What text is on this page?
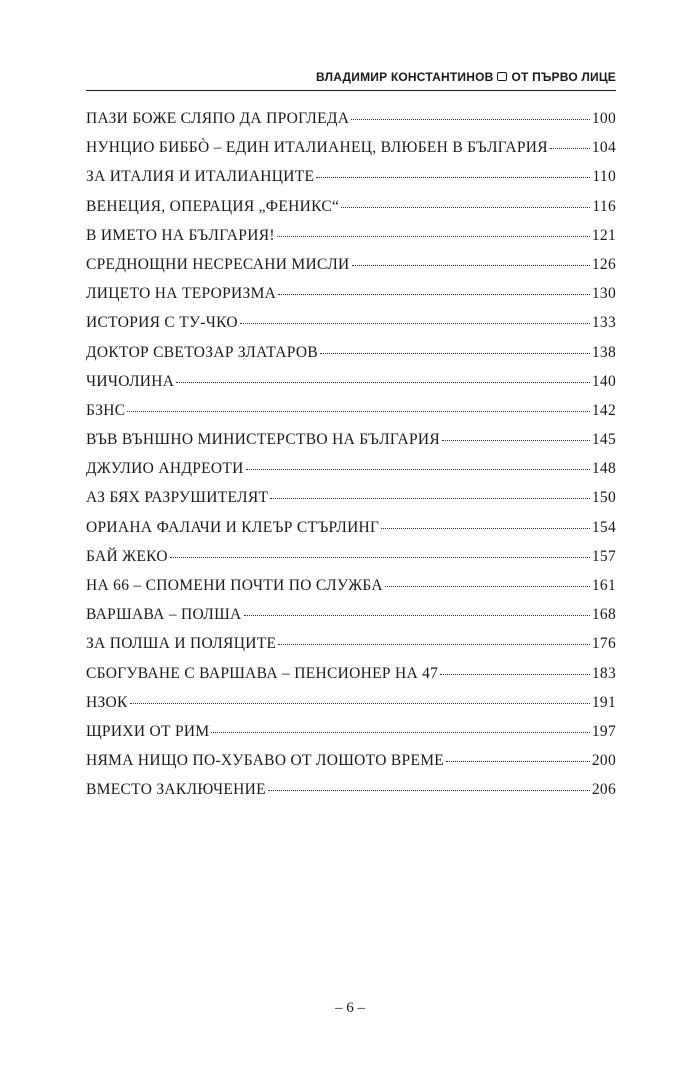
ВЛАДИМИР КОНСТАНТИНОВ ОТ ПЪРВО ЛИЦЕ
ПАЗИ БОЖЕ СЛЯПО ДА ПРОГЛЕДА	100
НУНЦИО БИББÒ – ЕДИН ИТАЛИАНЕЦ, ВЛЮБЕН В БЪЛГАРИЯ	104
ЗА ИТАЛИЯ И ИТАЛИАНЦИТЕ	110
ВЕНЕЦИЯ, ОПЕРАЦИЯ „ФЕНИКС“	116
В ИМЕТО НА БЪЛГАРИЯ!	121
СРЕДНОЩНИ НЕСРЕСАНИ МИСЛИ	126
ЛИЦЕТО НА ТЕРОРИЗМА	130
ИСТОРИЯ С ТУ-ЧКО	133
ДОКТОР СВЕТОЗАР ЗЛАТАРОВ	138
ЧИЧОЛИНА	140
БЗНС	142
ВЪВ ВЪНШНО МИНИСТЕРСТВО НА БЪЛГАРИЯ	145
ДЖУЛИО АНДРЕОТИ	148
АЗ БЯХ РАЗРУШИТЕЛЯТ	150
ОРИАНА ФАЛАЧИ И КЛЕЪР СТЪРЛИНГ	154
БАЙ ЖЕКО	157
НА 66 – СПОМЕНИ ПОЧТИ ПО СЛУЖБА	161
ВАРШАВА – ПОЛША	168
ЗА ПОЛША И ПОЛЯЦИТЕ	176
СБОГУВАНЕ С ВАРШАВА – ПЕНСИОНЕР НА 47	183
НЗОК	191
ЩРИХИ ОТ РИМ	197
НЯМА НИЩО ПО-ХУБАВО ОТ ЛОШОТО ВРЕМЕ	200
ВМЕСТО ЗАКЛЮЧЕНИЕ	206
– 6 –
